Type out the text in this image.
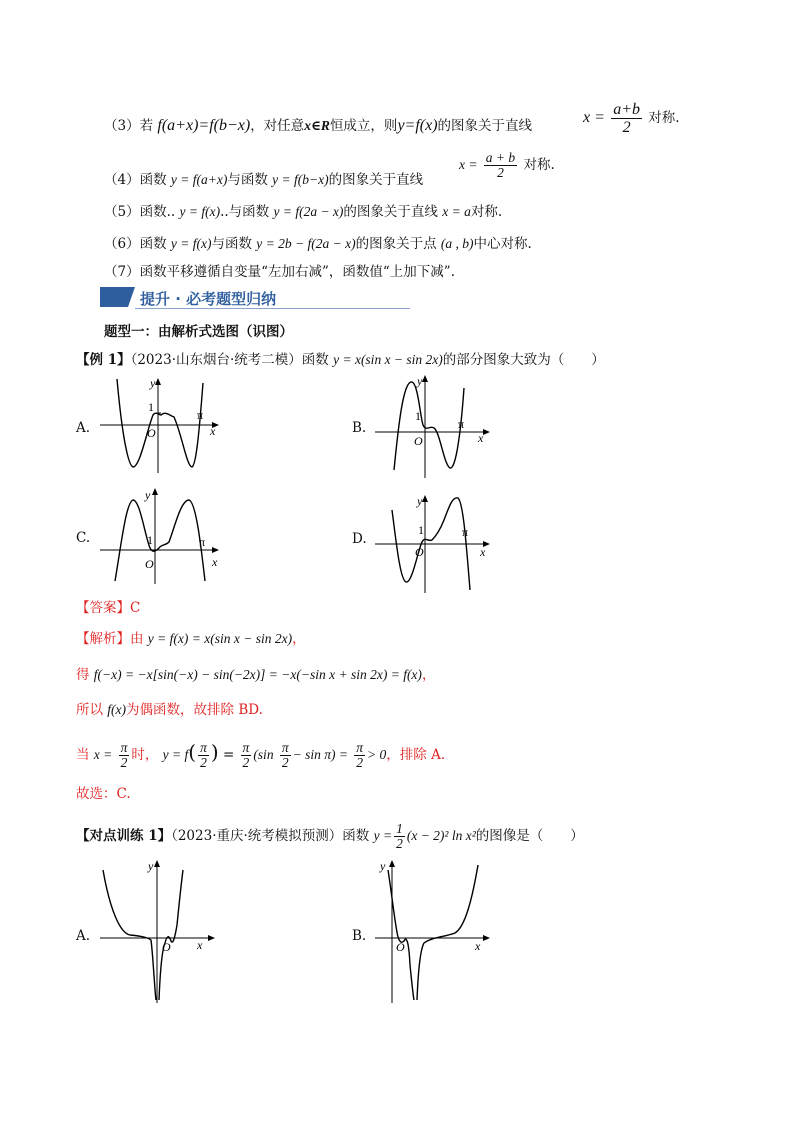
（3）若 f(a+x)=f(b−x)，对任意x∈R恒成立，则y=f(x)的图象关于直线	$x = \frac{a+b}{2}$ 对称.
（4）函数 y = f(a+x)与函数 y = f(b−x)的图象关于直线
$x = \frac{a + b}{2}$ 对称.
（5）函数.. y = f(x)..与函数 y = f(2a − x)的图象关于直线 x = a对称.
（6）函数 y = f(x)与函数 y = 2b − f(2a − x)的图象关于点 (a , b)中心对称.
（7）函数平移遵循自变量“左加右减”，函数值“上加下减”.
提升 · 必考题型归纳
题型一：由解析式选图（识图）
【例 1】（2023·山东烟台·统考二模）函数 y = x(sin x − sin 2x)的部分图象大致为（　　）
A.	B.
C.	D.
1
O	x
y
π	1
O	x
y
π
1
O	x
y
π
1
O	x
y
π
【答案】C
【解析】由 y = f(x) = x(sin x − sin 2x)，
得 f(−x) = −x[sin(−x) − sin(−2x)] = −x(−sin x + sin 2x) = f(x)，
所以 f(x)为偶函数，故排除 BD.
当 $x = \frac{\pi}{2}$ 时， $y = f( \frac{\pi}{2}$ ) = $\frac{\pi}{2} (\sin \frac{\pi}{2} - \sin \pi) = \frac{\pi}{2} > 0$，排除 A.
故选：C.
【对点训练 1】（2023·重庆·统考模拟预测）函数 $y = \frac{1}{2} (x - 2)^2$ ln x²的图像是（　　）
A.	B.
O x
y
O	x
y
